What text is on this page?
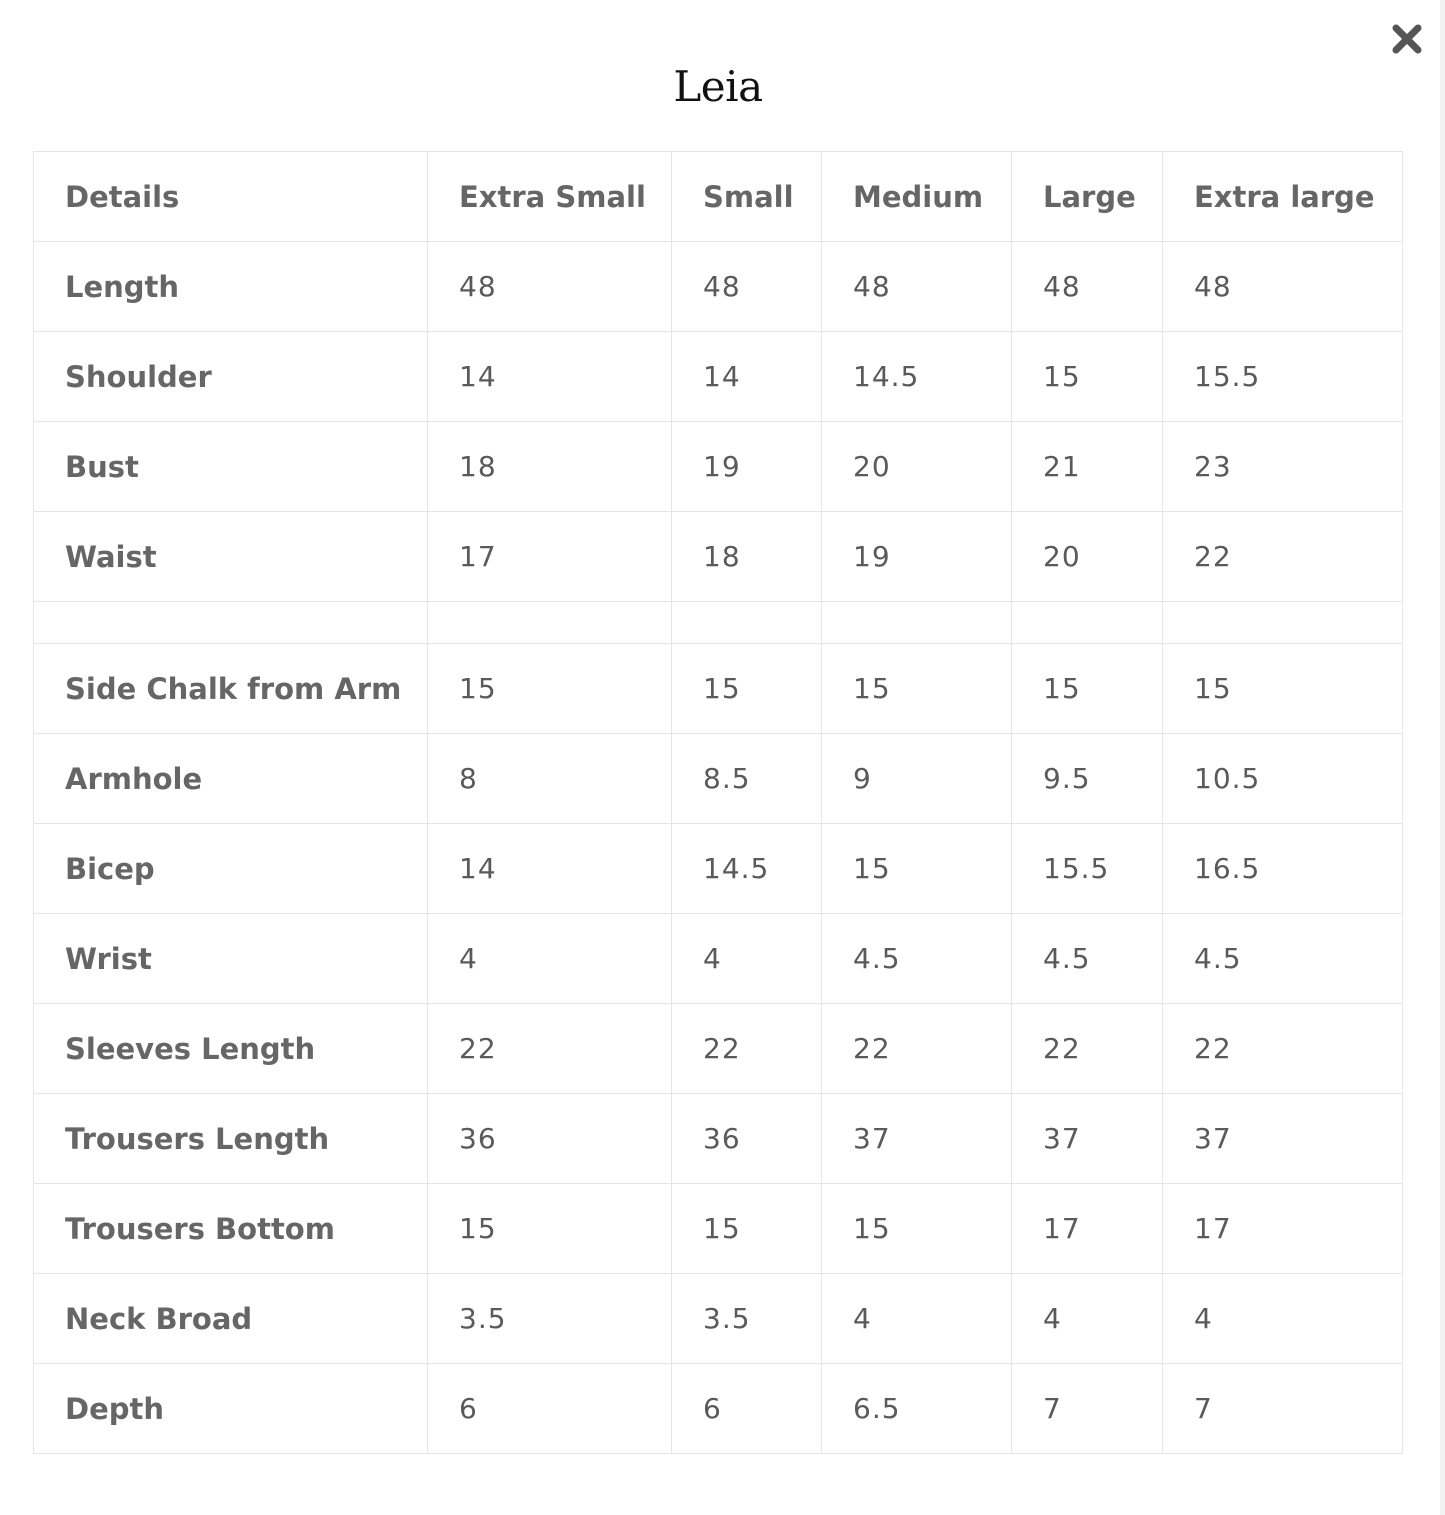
Leia
Details	Extra Small	Small	Medium	Large	Extra large
Length	48	48	48	48	48
Shoulder	14	14	14.5	15	15.5
Bust	18	19	20	21	23
Waist	17	18	19	20	22

Side Chalk from Arm	15	15	15	15	15
Armhole	8	8.5	9	9.5	10.5
Bicep	14	14.5	15	15.5	16.5
Wrist	4	4	4.5	4.5	4.5
Sleeves Length	22	22	22	22	22
Trousers Length	36	36	37	37	37
Trousers Bottom	15	15	15	17	17
Neck Broad	3.5	3.5	4	4	4
Depth	6	6	6.5	7	7
